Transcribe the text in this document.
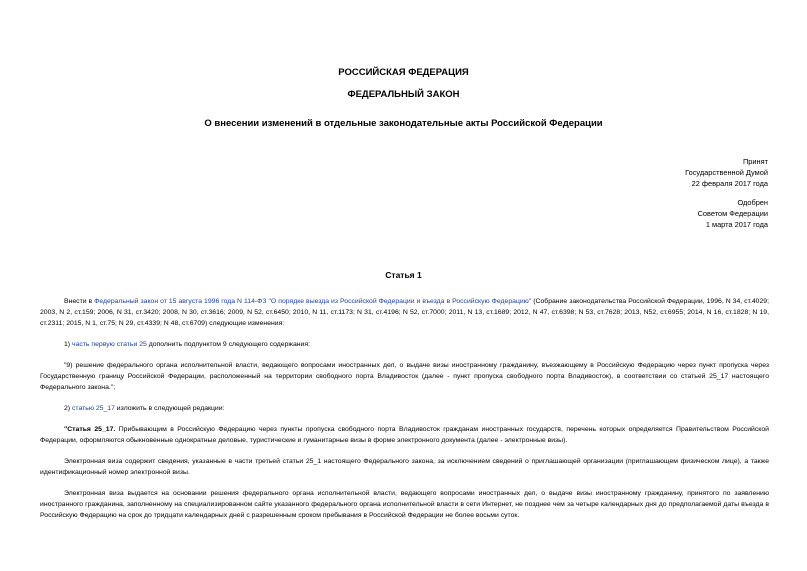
РОССИЙСКАЯ ФЕДЕРАЦИЯ
ФЕДЕРАЛЬНЫЙ ЗАКОН
О внесении изменений в отдельные законодательные акты Российской Федерации
Принят
Государственной Думой
22 февраля 2017 года
Одобрен
Советом Федерации
1 марта 2017 года
Статья 1

Внести в Федеральный закон от 15 августа 1996 года N 114-ФЗ "О порядке выезда из Российской Федерации и въезда в Российскую Федерацию" (Собрание законодательства Российской Федерации, 1996, N 34, ст.4029; 2003, N 2, ст.159; 2006, N 31, ст.3420; 2008, N 30, ст.3616; 2009, N 52, ст.6450; 2010, N 11, ст.1173; N 31, ст.4196; N 52, ст.7000; 2011, N 13, ст.1689; 2012, N 47, ст.6398; N 53, ст.7628; 2013, N52, ст.6955; 2014, N 16, ст.1828; N 19, ст.2311; 2015, N 1, ст.75; N 29, ст.4339; N 48, ст.6709) следующие изменения:

1) часть первую статьи 25 дополнить подпунктом 9 следующего содержания:

"9) решение федерального органа исполнительной власти, ведающего вопросами иностранных дел, о выдаче визы иностранному гражданину, въезжающему в Российскую Федерацию через пункт пропуска через Государственную границу Российской Федерации, расположенный на территории свободного порта Владивосток (далее - пункт пропуска свободного порта Владивосток), в соответствии со статьей 25_17 настоящего Федерального закона.";

2) статью 25_17 изложить в следующей редакции:

"Статья 25_17. Прибывающим в Российскую Федерацию через пункты пропуска свободного порта Владивосток гражданам иностранных государств, перечень которых определяется Правительством Российской Федерации, оформляются обыкновенные однократные деловые, туристические и гуманитарные визы в форме электронного документа (далее - электронные визы).

Электронная виза содержит сведения, указанные в части третьей статьи 25_1 настоящего Федерального закона, за исключением сведений о приглашающей организации (приглашающем физическом лице), а также идентификационный номер электронной визы.

Электронная виза выдается на основании решения федерального органа исполнительной власти, ведающего вопросами иностранных дел, о выдаче визы иностранному гражданину, принятого по заявлению иностранного гражданина, заполненному на специализированном сайте указанного федерального органа исполнительной власти в сети Интернет, не позднее чем за четыре календарных дня до предполагаемой даты въезда в Российскую Федерацию на срок до тридцати календарных дней с разрешенным сроком пребывания в Российской Федерации не более восьми суток.
